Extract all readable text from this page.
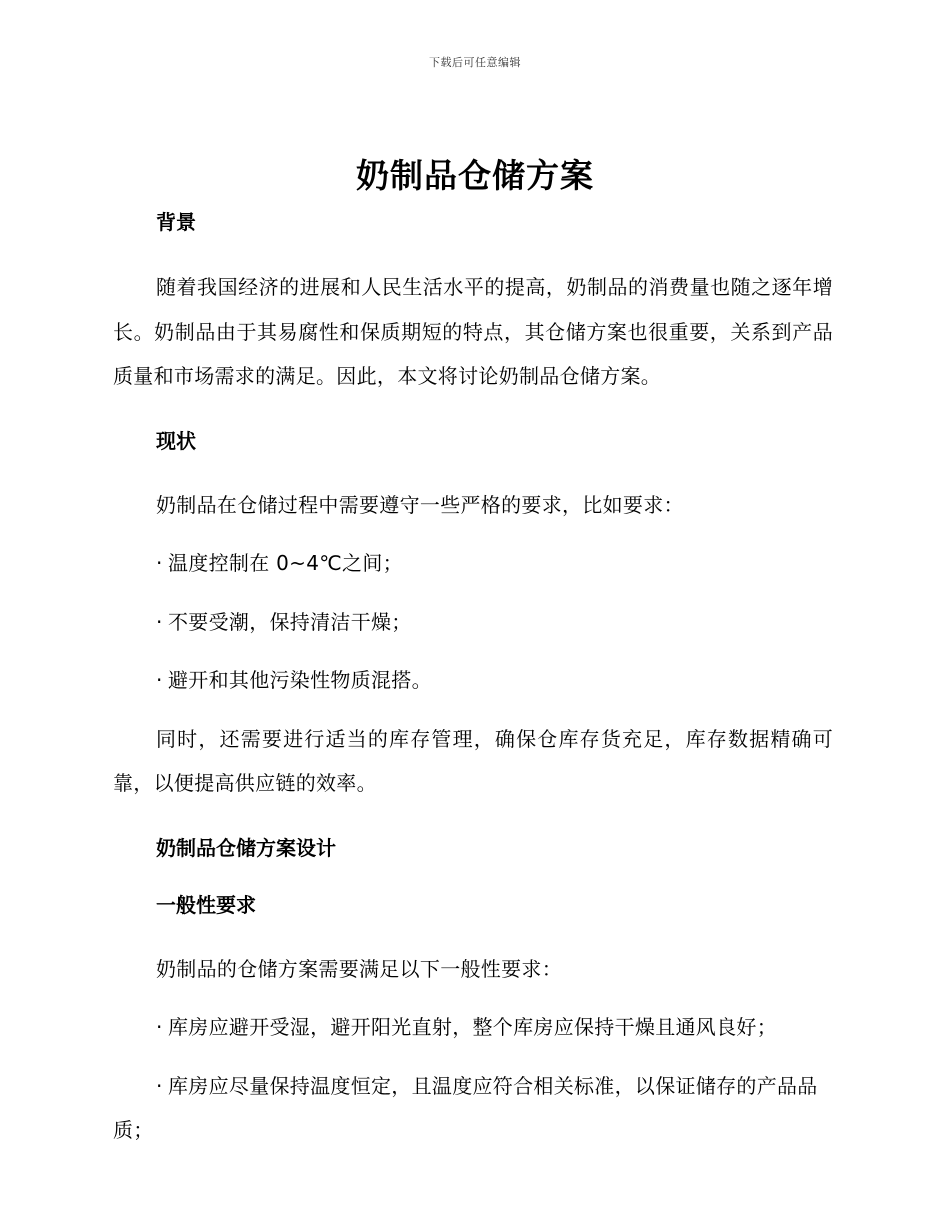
下载后可任意编辑
奶制品仓储方案
背景

随着我国经济的进展和人民生活水平的提高，奶制品的消费量也随之逐年增长。奶制品由于其易腐性和保质期短的特点，其仓储方案也很重要，关系到产品质量和市场需求的满足。因此，本文将讨论奶制品仓储方案。

现状

奶制品在仓储过程中需要遵守一些严格的要求，比如要求：

· 温度控制在 0~4℃之间；

· 不要受潮，保持清洁干燥；

· 避开和其他污染性物质混搭。

同时，还需要进行适当的库存管理，确保仓库存货充足，库存数据精确可靠，以便提高供应链的效率。

奶制品仓储方案设计
一般性要求

奶制品的仓储方案需要满足以下一般性要求：

· 库房应避开受湿，避开阳光直射，整个库房应保持干燥且通风良好；

· 库房应尽量保持温度恒定，且温度应符合相关标准，以保证储存的产品品质；
